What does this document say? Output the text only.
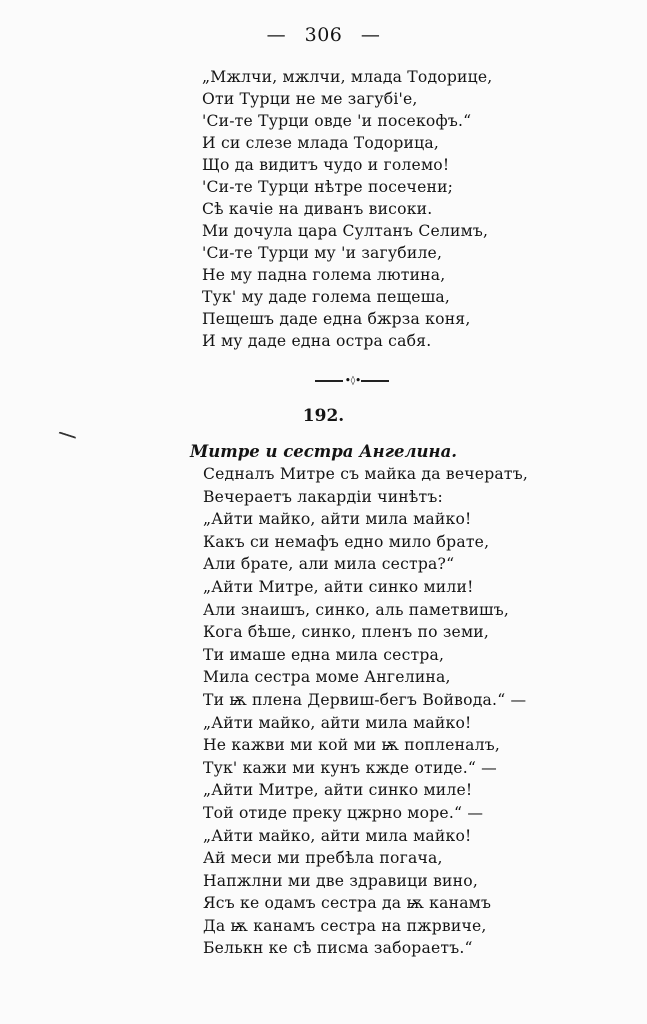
— 306 —
„Мжлчи, мжлчи, млада Тодорице,
Оти Турци не ме загубі'е,
'Си-те Турци овде 'и посекофъ.“
И си слезе млада Тодорица,
Що да видитъ чудо и големо!
'Си-те Турци нѣтре посечени;
Сѣ качіе на диванъ високи.
Ми дочула цара Султанъ Селимъ,
'Си-те Турци му 'и загубиле,
Не му падна голема лютина,
Тук' му даде голема пещеша,
Пещешъ даде една бжрза коня,
И му даде една остра сабя.
•◊•
192.
Митре и сестра Ангелина.
Седналъ Митре съ майка да вечератъ,
Вечераетъ лакардіи чинѣтъ:
„Айти майко, айти мила майко!
Какъ си немафъ едно мило брате,
Али брате, али мила сестра?“
„Айти Митре, айти синко мили!
Али знаишъ, синко, аль паметвишъ,
Кога бѣше, синко, пленъ по земи,
Ти имаше една мила сестра,
Мила сестра моме Ангелина,
Ти ѭ плена Дервиш-бегъ Войвода.“ —
„Айти майко, айти мила майко!
Не кажви ми кой ми ѭ попленалъ,
Тук' кажи ми кунъ кжде отиде.“ —
„Айти Митре, айти синко миле!
Той отиде преку цжрно море.“ —
„Айти майко, айти мила майко!
Ай меси ми пребѣла погача,
Напжлни ми две здравици вино,
Ясъ ке одамъ сестра да ѭ канамъ
Да ѭ канамъ сестра на пжрвиче,
Белькн ке сѣ писма забораетъ.“
